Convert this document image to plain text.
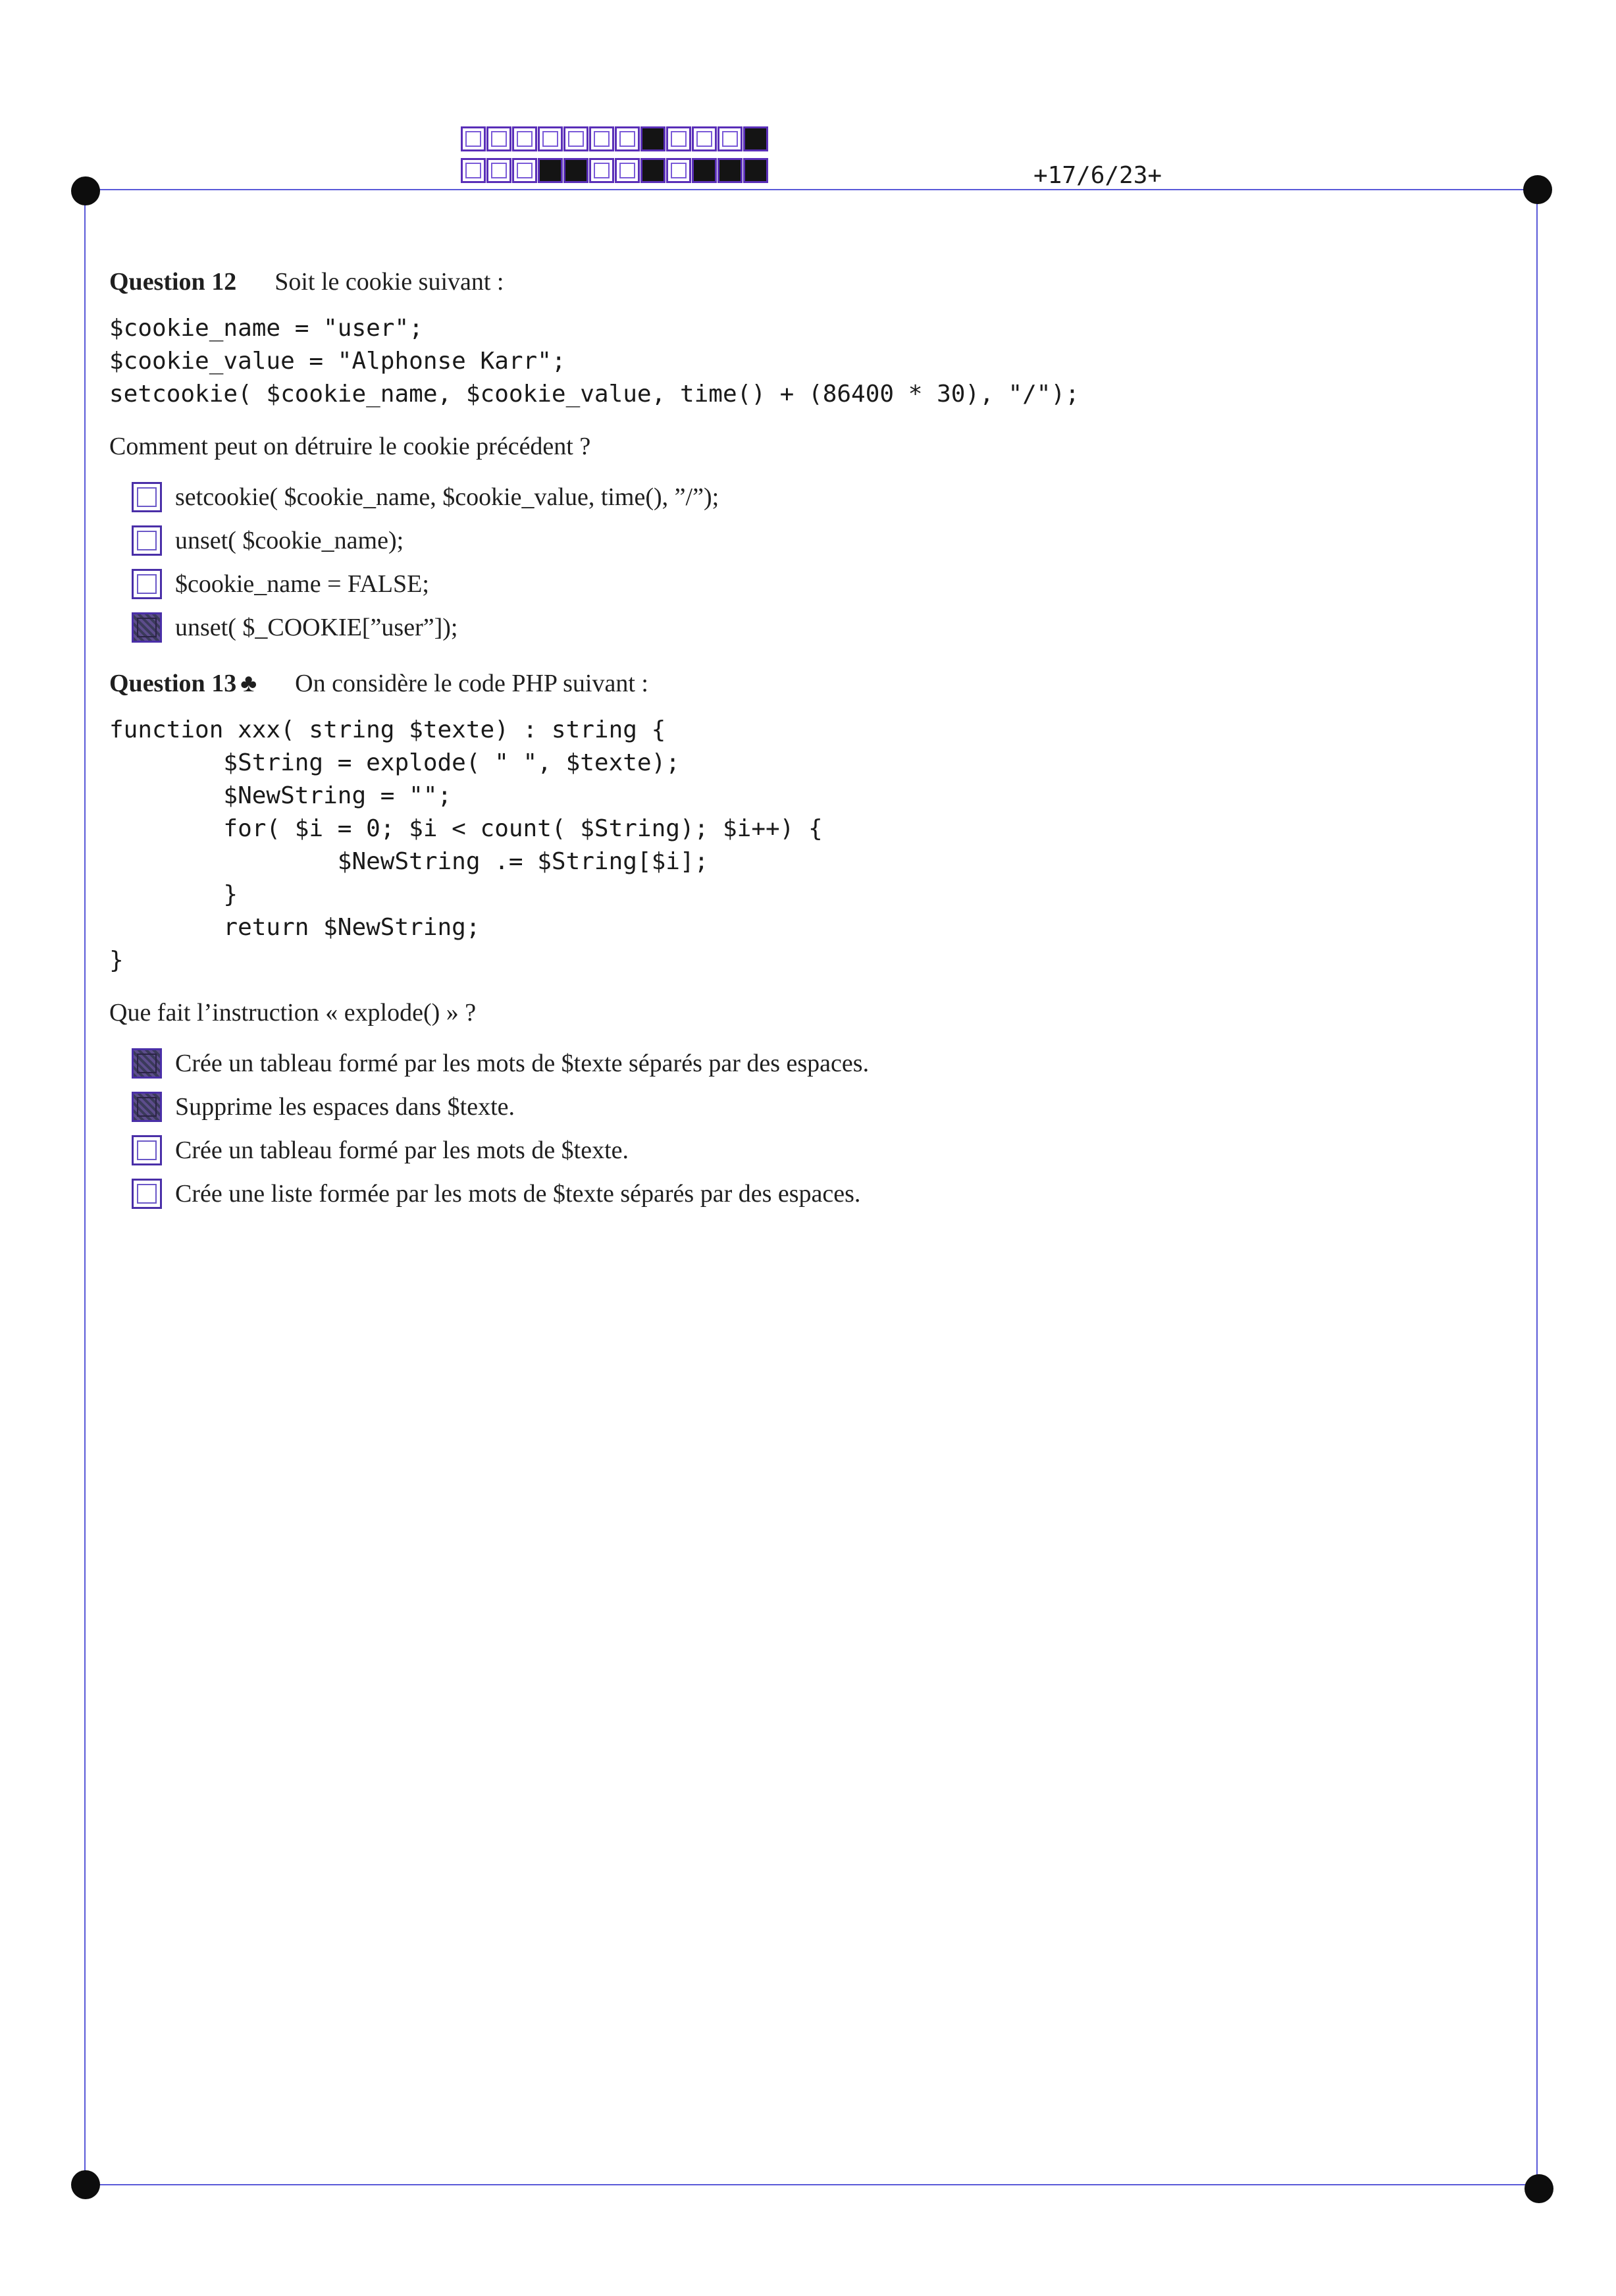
+17/6/23+
Question 12 Soit le cookie suivant :
$cookie_name = "user";
$cookie_value = "Alphonse Karr";
setcookie( $cookie_name, $cookie_value, time() + (86400 * 30), "/");
Comment peut on détruire le cookie précédent ?
setcookie( $cookie_name, $cookie_value, time(), ”/”);
unset( $cookie_name);
$cookie_name = FALSE;
unset( $_COOKIE[”user”]);
Question 13 ♣ On considère le code PHP suivant :
function xxx( string $texte) : string {
$String = explode( " ", $texte);
$NewString = "";
for( $i = 0; $i < count( $String); $i++) {
$NewString .= $String[$i];
}
return $NewString;
}
Que fait l’instruction « explode() » ?
Crée un tableau formé par les mots de $texte séparés par des espaces.
Supprime les espaces dans $texte.
Crée un tableau formé par les mots de $texte.
Crée une liste formée par les mots de $texte séparés par des espaces.
